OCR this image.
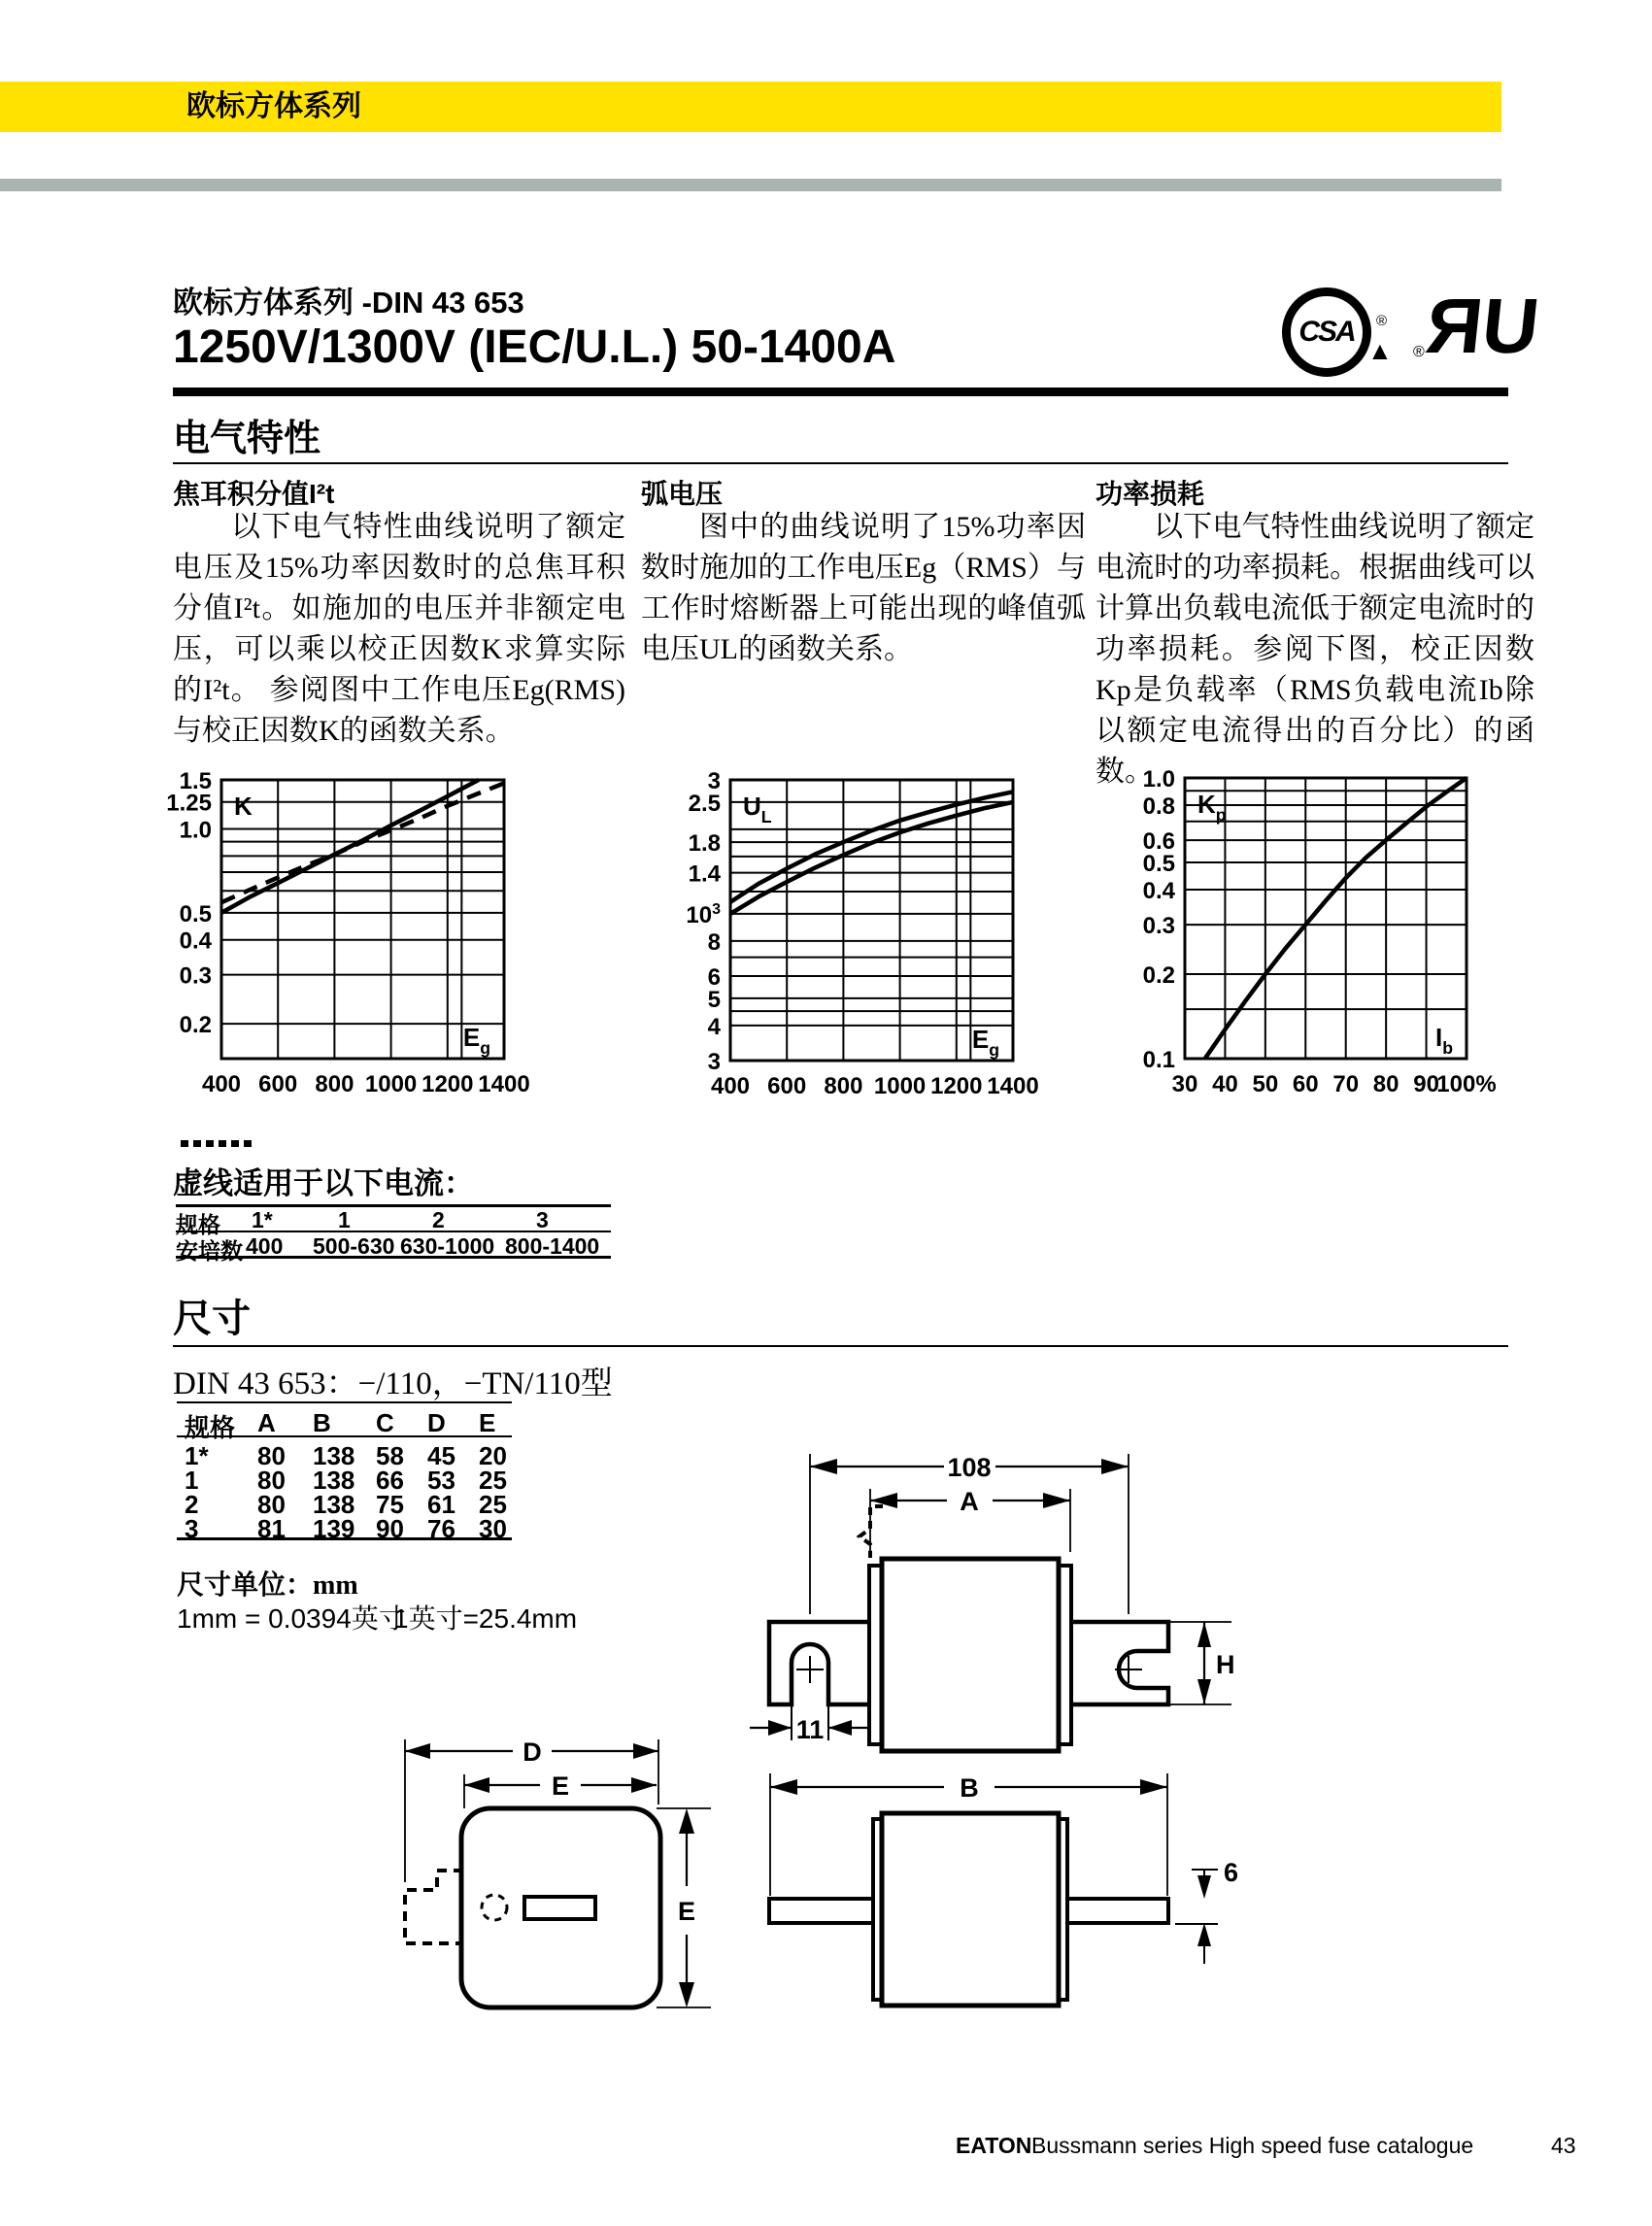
欧标方体系列
欧标方体系列 -DIN 43 653
1250V/1300V (IEC/U.L.) 50-1400A	CSA	®
▲ ЯU
®
电气特性
焦耳积分值I²t	弧电压	功率损耗
以下电气特性曲线说明了额定电压及15%功率因数时的总焦耳积分值I²t。如施加的电压并非额定电压，可以乘以校正因数K求算实际的I²t。 参阅图中工作电压Eg(RMS)与校正因数K的函数关系。
图中的曲线说明了15%功率因数时施加的工作电压Eg（RMS）与工作时熔断器上可能出现的峰值弧电压UL的函数关系。
以下电气特性曲线说明了额定电流时的功率损耗。根据曲线可以计算出负载电流低于额定电流时的功率损耗。参阅下图，校正因数Kp是负载率（RMS负载电流Ib除以额定电流得出的百分比）的函数。
1.5
1.25
1.0
0.5
0.4
0.3
0.2
400 600 800 1000 1200 1400
K
$E_g$
3
2.5
1.8
1.4
$10^3$
8
6
5
4
3
400 600 800 1000 1200 1400
$U_L$
$E_g$
1.0
0.8
0.6
0.5
0.4
0.3
0.2
0.1
30 40 50 60 70 80 90
100%
$K_p$
$I_b$
虚线适用于以下电流：
规格 1*	1	2	3
安培数 400 500-630 630-1000 800-1400
尺寸
DIN 43 653：−/110，−TN/110型
规格 A B C D E
1* 80 138 58 45 20
1 80 138 66 53 25
2 80 138 75 61 25
3 81 139 90 76 30
尺寸单位：mm
1mm = 0.0394英寸
1英寸=25.4mm
108
A
H
11
D
E
E
B
6
EATON Bussmann series High speed fuse catalogue	43
